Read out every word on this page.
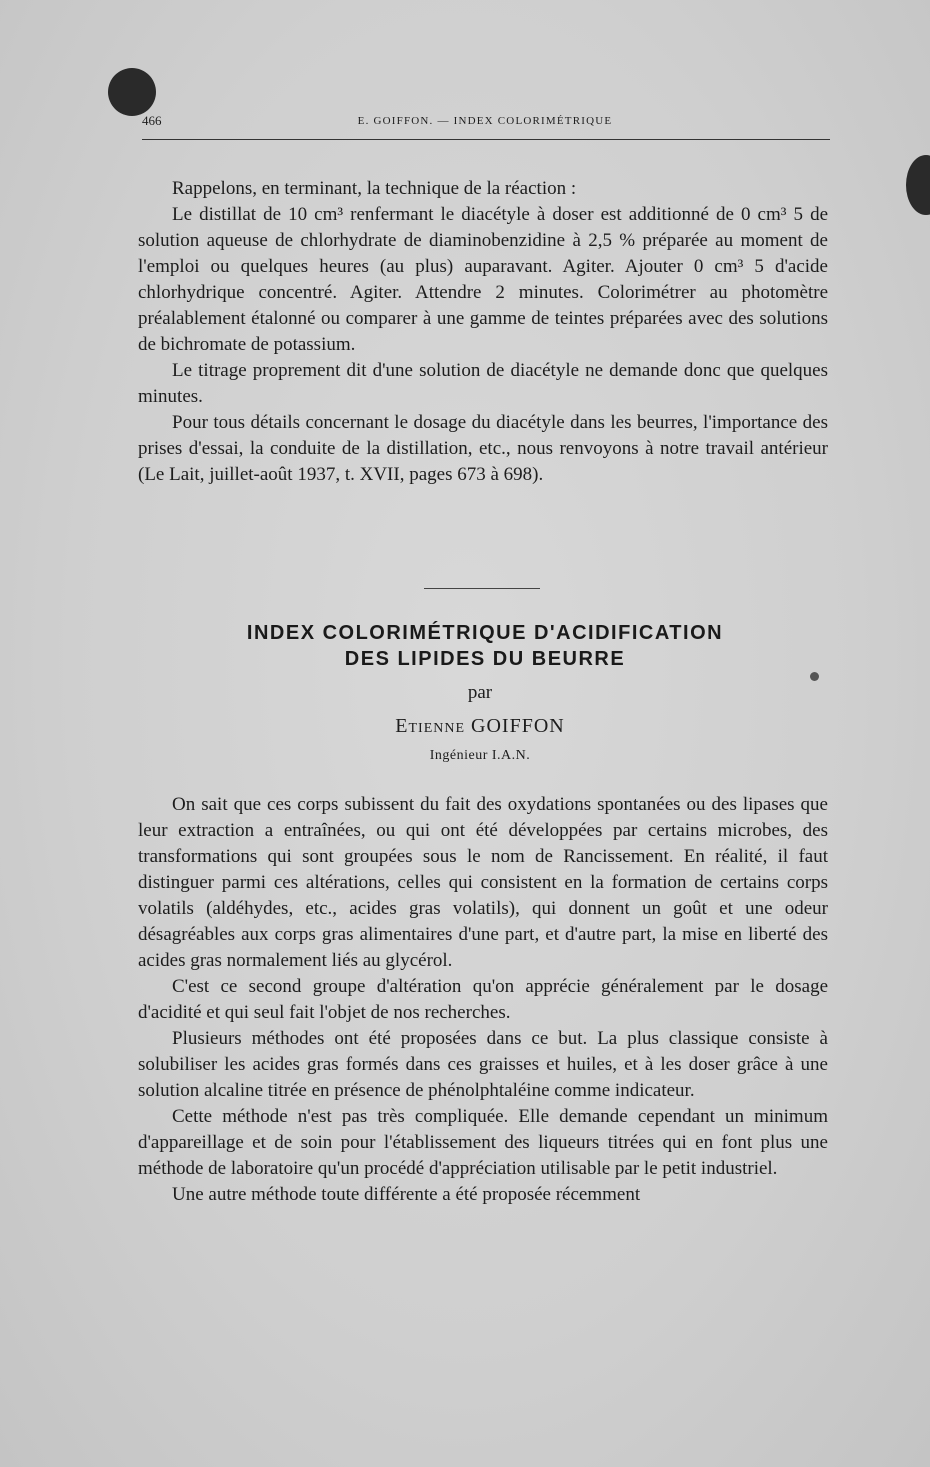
466	E. GOIFFON. — INDEX COLORIMÉTRIQUE

Rappelons, en terminant, la technique de la réaction :

Le distillat de 10 cm³ renfermant le diacétyle à doser est additionné de 0 cm³ 5 de solution aqueuse de chlorhydrate de diaminobenzidine à 2,5 % préparée au moment de l'emploi ou quelques heures (au plus) auparavant. Agiter. Ajouter 0 cm³ 5 d'acide chlorhydrique concentré. Agiter. Attendre 2 minutes. Colorimétrer au photomètre préalablement étalonné ou comparer à une gamme de teintes préparées avec des solutions de bichromate de potassium.

Le titrage proprement dit d'une solution de diacétyle ne demande donc que quelques minutes.

Pour tous détails concernant le dosage du diacétyle dans les beurres, l'importance des prises d'essai, la conduite de la distillation, etc., nous renvoyons à notre travail antérieur (Le Lait, juillet-août 1937, t. XVII, pages 673 à 698).

INDEX COLORIMÉTRIQUE D'ACIDIFICATION
DES LIPIDES DU BEURRE
par
Etienne GOIFFON
Ingénieur I.A.N.

On sait que ces corps subissent du fait des oxydations spontanées ou des lipases que leur extraction a entraînées, ou qui ont été développées par certains microbes, des transformations qui sont groupées sous le nom de Rancissement. En réalité, il faut distinguer parmi ces altérations, celles qui consistent en la formation de certains corps volatils (aldéhydes, etc., acides gras volatils), qui donnent un goût et une odeur désagréables aux corps gras alimentaires d'une part, et d'autre part, la mise en liberté des acides gras normalement liés au glycérol.

C'est ce second groupe d'altération qu'on apprécie généralement par le dosage d'acidité et qui seul fait l'objet de nos recherches.

Plusieurs méthodes ont été proposées dans ce but. La plus classique consiste à solubiliser les acides gras formés dans ces graisses et huiles, et à les doser grâce à une solution alcaline titrée en présence de phénolphtaléine comme indicateur.

Cette méthode n'est pas très compliquée. Elle demande cependant un minimum d'appareillage et de soin pour l'établissement des liqueurs titrées qui en font plus une méthode de laboratoire qu'un procédé d'appréciation utilisable par le petit industriel.

Une autre méthode toute différente a été proposée récemment
